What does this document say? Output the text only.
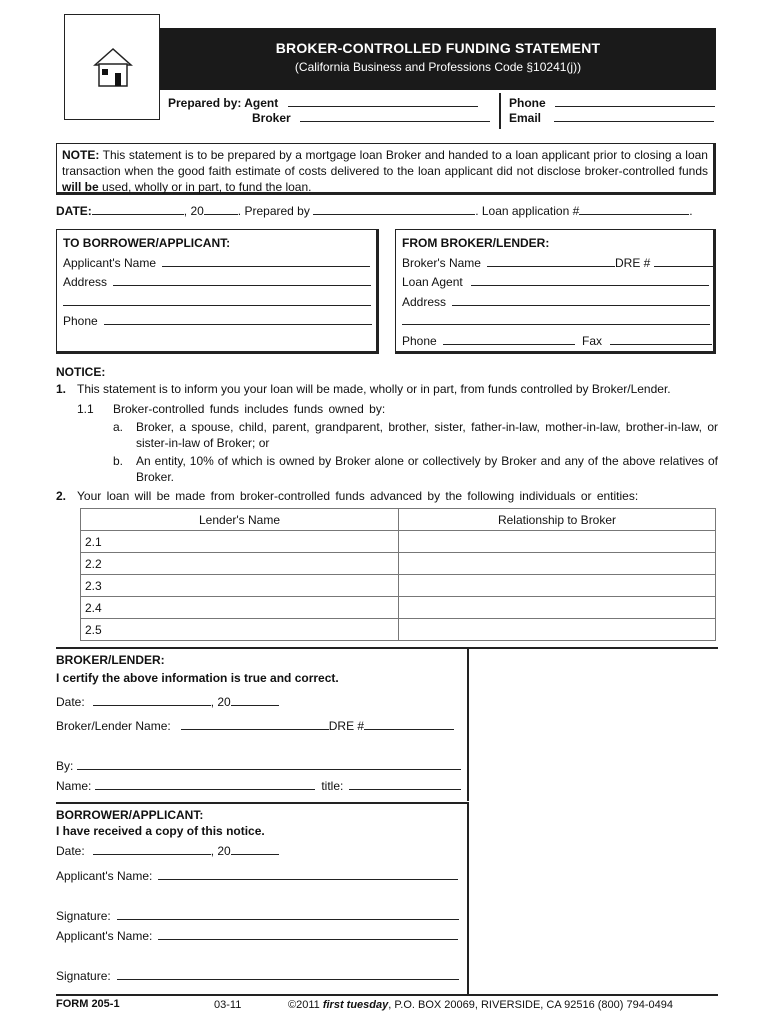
BROKER-CONTROLLED FUNDING STATEMENT
(California Business and Professions Code §10241(j))
Prepared by: Agent
Broker
Phone
Email
NOTE: This statement is to be prepared by a mortgage loan Broker and handed to a loan applicant prior to closing a loan transaction when the good faith estimate of costs delivered to the loan applicant did not disclose broker-controlled funds will be used, wholly or in part, to fund the loan.
DATE:	, 20	. Prepared by	. Loan application #	.
TO BORROWER/APPLICANT:
Applicant's Name
Address
Phone
FROM BROKER/LENDER:
Broker's Name	DRE #
Loan Agent
Address
Phone	Fax
NOTICE:
1. This statement is to inform you your loan will be made, wholly or in part, from funds controlled by Broker/Lender.
1.1	Broker-controlled funds includes funds owned by:
a.	Broker, a spouse, child, parent, grandparent, brother, sister, father-in-law, mother-in-law, brother-in-law, or sister-in-law of Broker; or
b.	An entity, 10% of which is owned by Broker alone or collectively by Broker and any of the above relatives of Broker.
2. Your loan will be made from broker-controlled funds advanced by the following individuals or entities:
Lender's Name	Relationship to Broker
2.1	
2.2	
2.3	
2.4	
2.5	
BROKER/LENDER:
I certify the above information is true and correct.
Date:	, 20
Broker/Lender Name:	DRE #
By:
Name:	title:
BORROWER/APPLICANT:
I have received a copy of this notice.
Date:	, 20
Applicant's Name:
Signature:
Applicant's Name:
Signature:
FORM 205-1	03-11	©2011 first tuesday, P.O. BOX 20069, RIVERSIDE, CA 92516 (800) 794-0494
